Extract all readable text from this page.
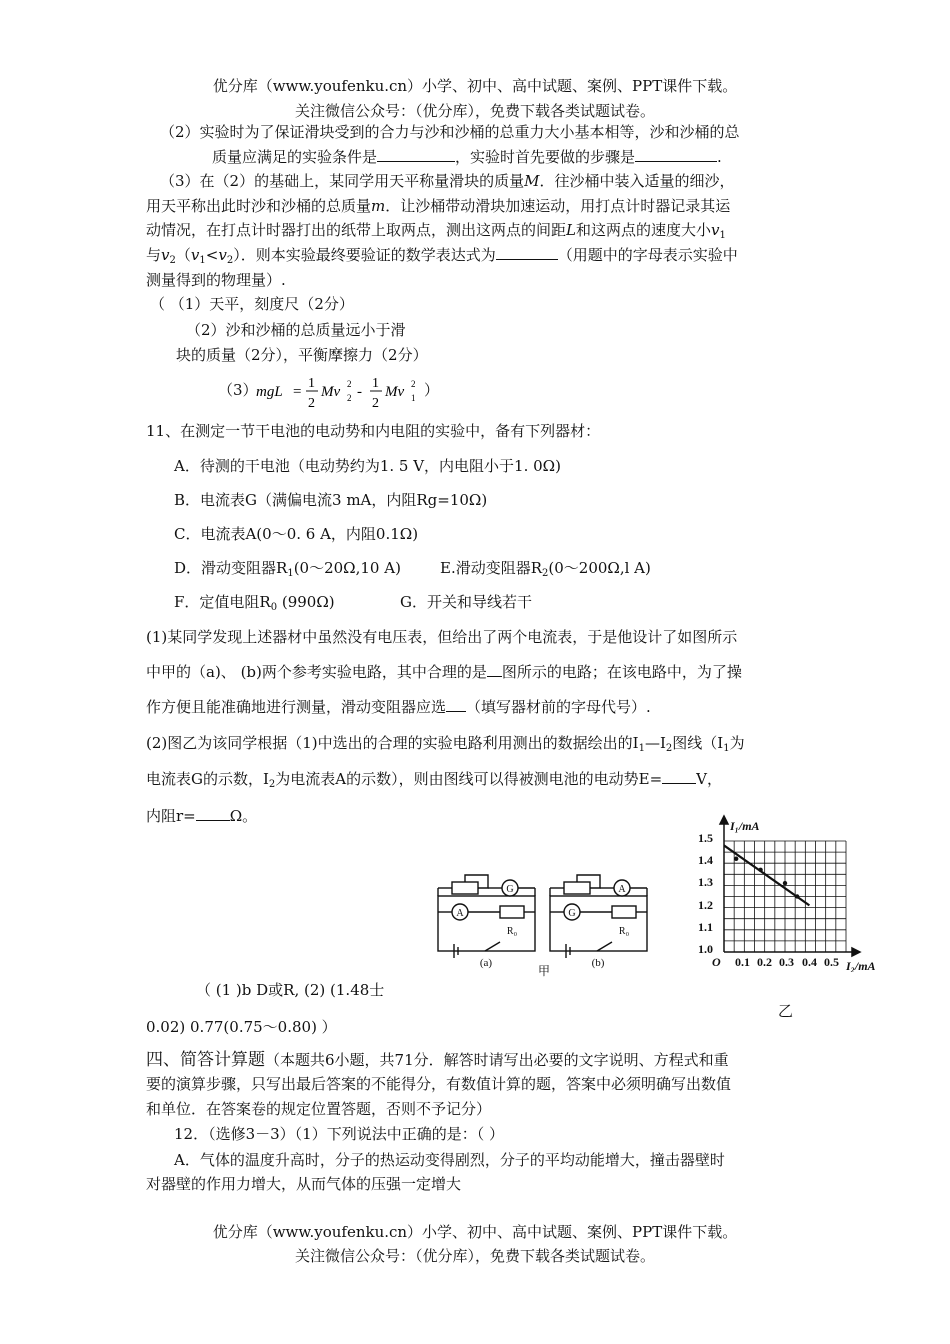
优分库（www.youfenku.cn）小学、初中、高中试题、案例、PPT课件下载。
关注微信公众号：（优分库），免费下载各类试题试卷。
（2）实验时为了保证滑块受到的合力与沙和沙桶的总重力大小基本相等，沙和沙桶的总
质量应满足的实验条件是	，实验时首先要做的步骤是	.
（3）在（2）的基础上，某同学用天平称量滑块的质量M．往沙桶中装入适量的细沙，
用天平称出此时沙和沙桶的总质量m．让沙桶带动滑块加速运动，用打点计时器记录其运
动情况，在打点计时器打出的纸带上取两点，测出这两点的间距L和这两点的速度大小$v_1$
与$v_2(v_1<v_2)$．则本实验最终要验证的数学表达式为	（用题中的字母表示实验中
测量得到的物理量）.
（ （1）天平，刻度尺（2分）
（2）沙和沙桶的总质量远小于滑
块的质量（2分），平衡摩擦力（2分）
（3）
mgL =
1
2
Mv 2
2 -
1
2
Mv 2
1 ）
11、在测定一节干电池的电动势和内电阻的实验中，备有下列器材：
A．待测的干电池（电动势约为1. 5 V，内电阻小于1. 0Ω)
B．电流表G（满偏电流3 mA，内阻Rg=10Ω)
C．电流表A(0～0. 6 A，内阻0.1Ω)
D．滑动变阻器$R_1(0\sim 20\Omega,10$ A)	E.滑动变阻器$R_2(0\sim 200\Omega,l$ A)
F．定值电阻$R_0$ (990Ω)	G．开关和导线若干
(1)某同学发现上述器材中虽然没有电压表，但给出了两个电流表，于是他设计了如图所示
中甲的（a)、 (b)两个参考实验电路，其中合理的是 图所示的电路；在该电路中，为了操
作方便且能准确地进行测量，滑动变阻器应选 （填写器材前的字母代号）.
(2)图乙为该同学根据（1)中选出的合理的实验电路利用测出的数据绘出的$I_1—I_2$图线（$I_1$为
电流表G的示数，$I_2$为电流表A的示数），则由图线可以得被测电池的电动势E= V，
内阻r= Ω。
G
A
R₀
A
G
R₀
(a)	(b)
甲
1.5
1.4
1.3
1.2
1.1
1.0
O 0.1 0.2 0.3 0.4 0.5
I₁/mA
I₂/mA
乙
（ (1 )b D或R, (2) (1.48士
0.02) 0.77(0.75～0.80) ）
四、简答计算题（本题共6小题，共71分．解答时请写出必要的文字说明、方程式和重
要的演算步骤，只写出最后答案的不能得分，有数值计算的题，答案中必须明确写出数值
和单位．在答案卷的规定位置答题，否则不予记分）
12．（选修3－3）（1）下列说法中正确的是：（ ）
A．气体的温度升高时，分子的热运动变得剧烈，分子的平均动能增大，撞击器壁时
对器壁的作用力增大，从而气体的压强一定增大
优分库（www.youfenku.cn）小学、初中、高中试题、案例、PPT课件下载。
关注微信公众号：（优分库），免费下载各类试题试卷。
